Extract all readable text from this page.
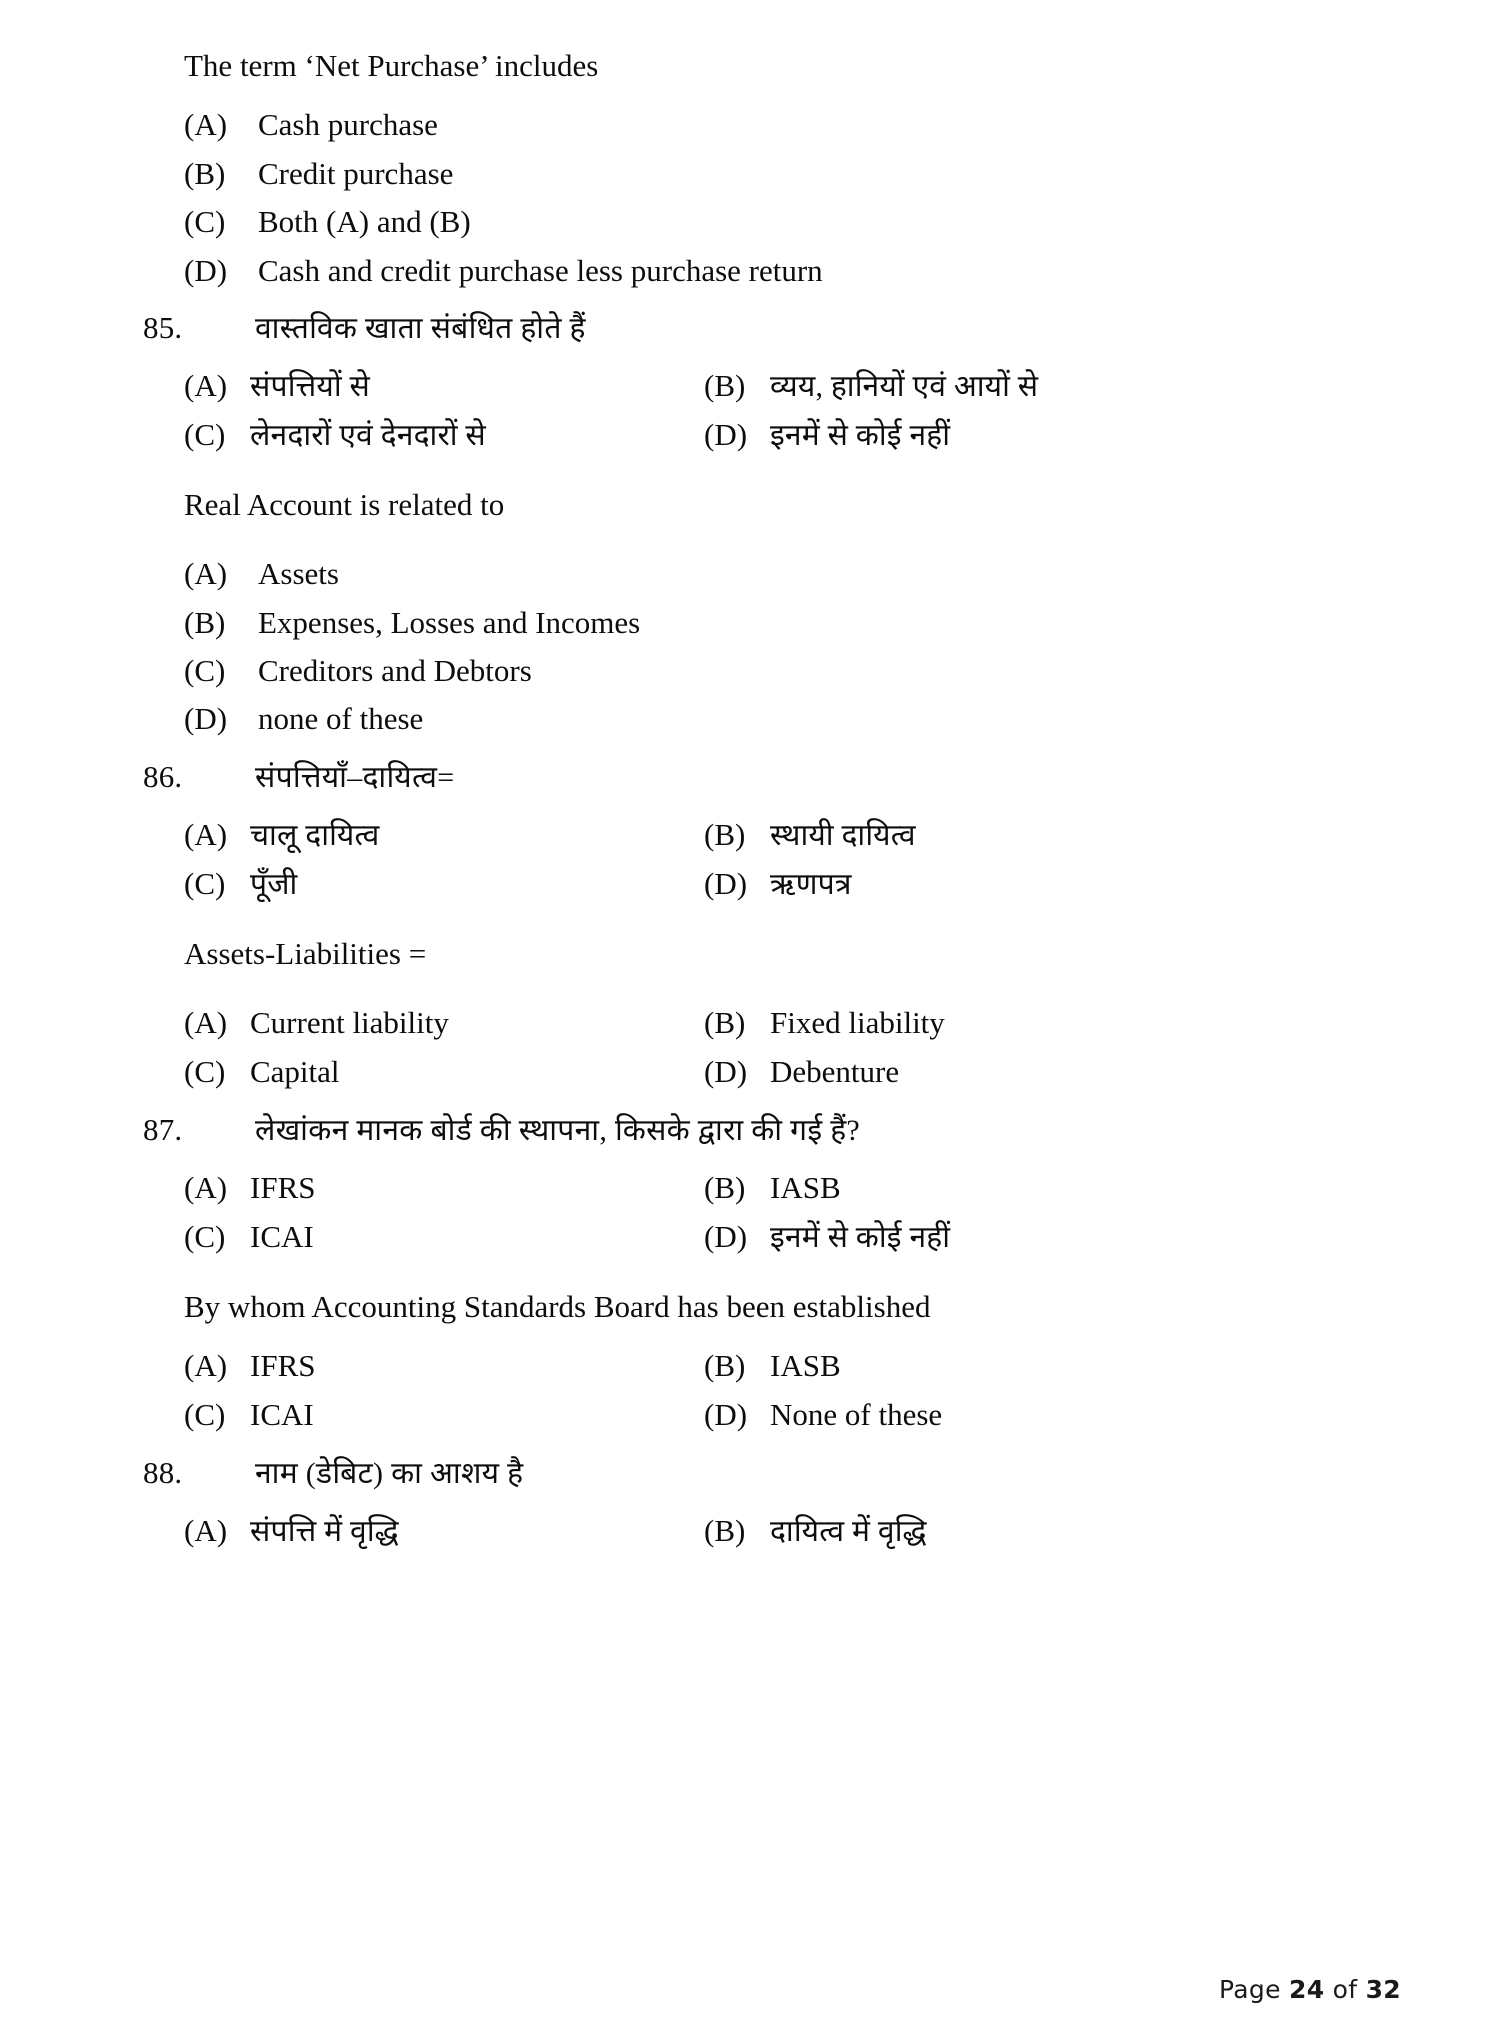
The term ‘Net Purchase’ includes
(A) Cash purchase
(B)	Credit purchase
(C)	Both (A) and (B)
(D) Cash and credit purchase less purchase return
85.	वास्तविक खाता संबंधित होते हैं
(A) संपत्तियों से	(B) व्यय, हानियों एवं आयों से
(C) लेनदारों एवं देनदारों से	(D) इनमें से कोई नहीं
Real Account is related to
(A) Assets
(B)	Expenses, Losses and Incomes
(C)	Creditors and Debtors
(D) none of these
86.	संपत्तियाँ–दायित्व=
(A) चालू दायित्व	(B) स्थायी दायित्व
(C) पूँजी	(D) ऋणपत्र
Assets-Liabilities =
(A) Current liability	(B) Fixed liability
(C) Capital	(D) Debenture
87.	लेखांकन मानक बोर्ड की स्थापना, किसके द्वारा की गई हैं?
(A) IFRS	(B) IASB
(C) ICAI	(D) इनमें से कोई नहीं
By whom Accounting Standards Board has been established
(A) IFRS	(B) IASB
(C) ICAI	(D) None of these
88.	नाम (डेबिट) का आशय है
(A) संपत्ति में वृद्धि	(B) दायित्व में वृद्धि
Page 24 of 32
